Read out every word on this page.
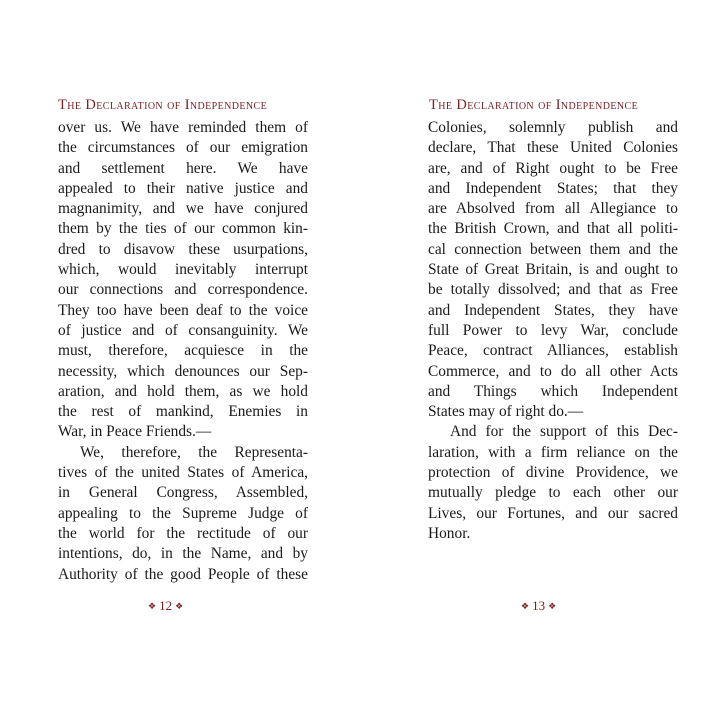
The Declaration of Independence
over us. We have reminded them of
the circumstances of our emigration
and settlement here. We have
appealed to their native justice and
magnanimity, and we have conjured
them by the ties of our common kin-
dred to disavow these usurpations,
which, would inevitably interrupt
our connections and correspondence.
They too have been deaf to the voice
of justice and of consanguinity. We
must, therefore, acquiesce in the
necessity, which denounces our Sep-
aration, and hold them, as we hold
the rest of mankind, Enemies in
War, in Peace Friends.—
We, therefore, the Representa-
tives of the united States of America,
in General Congress, Assembled,
appealing to the Supreme Judge of
the world for the rectitude of our
intentions, do, in the Name, and by
Authority of the good People of these
❖ 12 ❖
The Declaration of Independence
Colonies, solemnly publish and
declare, That these United Colonies
are, and of Right ought to be Free
and Independent States; that they
are Absolved from all Allegiance to
the British Crown, and that all politi-
cal connection between them and the
State of Great Britain, is and ought to
be totally dissolved; and that as Free
and Independent States, they have
full Power to levy War, conclude
Peace, contract Alliances, establish
Commerce, and to do all other Acts
and Things which Independent
States may of right do.—
And for the support of this Dec-
laration, with a firm reliance on the
protection of divine Providence, we
mutually pledge to each other our
Lives, our Fortunes, and our sacred
Honor.
❖ 13 ❖
